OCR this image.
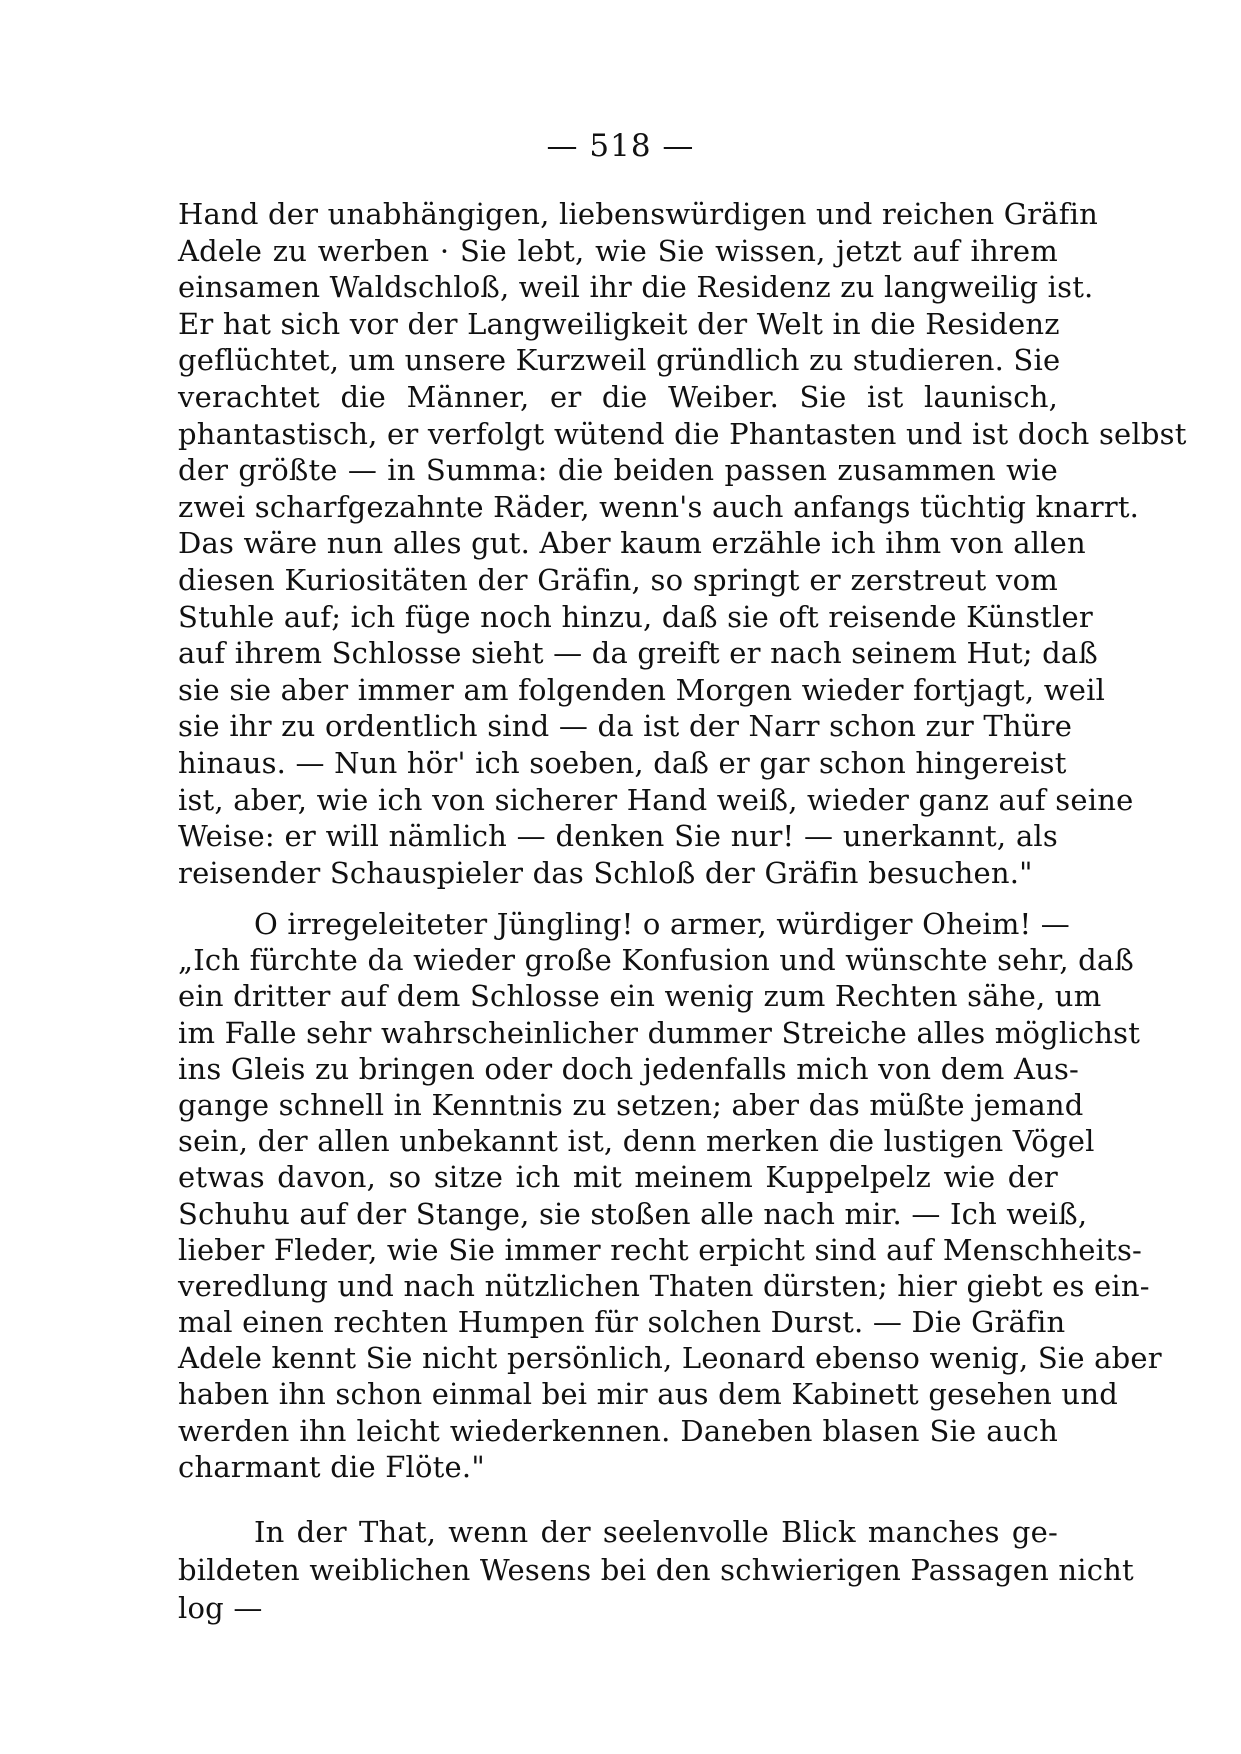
— 518 —
Hand der unabhängigen, liebenswürdigen und reichen Gräfin
Adele zu werben · Sie lebt, wie Sie wissen, jetzt auf ihrem
einsamen Waldschloß, weil ihr die Residenz zu langweilig ist.
Er hat sich vor der Langweiligkeit der Welt in die Residenz
geflüchtet, um unsere Kurzweil gründlich zu studieren. Sie
verachtet die Männer, er die Weiber. Sie ist launisch,
phantastisch, er verfolgt wütend die Phantasten und ist doch selbst
der größte — in Summa: die beiden passen zusammen wie
zwei scharfgezahnte Räder, wenn's auch anfangs tüchtig knarrt.
Das wäre nun alles gut. Aber kaum erzähle ich ihm von allen
diesen Kuriositäten der Gräfin, so springt er zerstreut vom
Stuhle auf; ich füge noch hinzu, daß sie oft reisende Künstler
auf ihrem Schlosse sieht — da greift er nach seinem Hut; daß
sie sie aber immer am folgenden Morgen wieder fortjagt, weil
sie ihr zu ordentlich sind — da ist der Narr schon zur Thüre
hinaus. — Nun hör' ich soeben, daß er gar schon hingereist
ist, aber, wie ich von sicherer Hand weiß, wieder ganz auf seine
Weise: er will nämlich — denken Sie nur! — unerkannt, als
reisender Schauspieler das Schloß der Gräfin besuchen."
O irregeleiteter Jüngling! o armer, würdiger Oheim! —
„Ich fürchte da wieder große Konfusion und wünschte sehr, daß
ein dritter auf dem Schlosse ein wenig zum Rechten sähe, um
im Falle sehr wahrscheinlicher dummer Streiche alles möglichst
ins Gleis zu bringen oder doch jedenfalls mich von dem Aus-
gange schnell in Kenntnis zu setzen; aber das müßte jemand
sein, der allen unbekannt ist, denn merken die lustigen Vögel
etwas davon, so sitze ich mit meinem Kuppelpelz wie der
Schuhu auf der Stange, sie stoßen alle nach mir. — Ich weiß,
lieber Fleder, wie Sie immer recht erpicht sind auf Menschheits-
veredlung und nach nützlichen Thaten dürsten; hier giebt es ein-
mal einen rechten Humpen für solchen Durst. — Die Gräfin
Adele kennt Sie nicht persönlich, Leonard ebenso wenig, Sie aber
haben ihn schon einmal bei mir aus dem Kabinett gesehen und
werden ihn leicht wiederkennen. Daneben blasen Sie auch
charmant die Flöte."
In der That, wenn der seelenvolle Blick manches ge-
bildeten weiblichen Wesens bei den schwierigen Passagen nicht
log —
